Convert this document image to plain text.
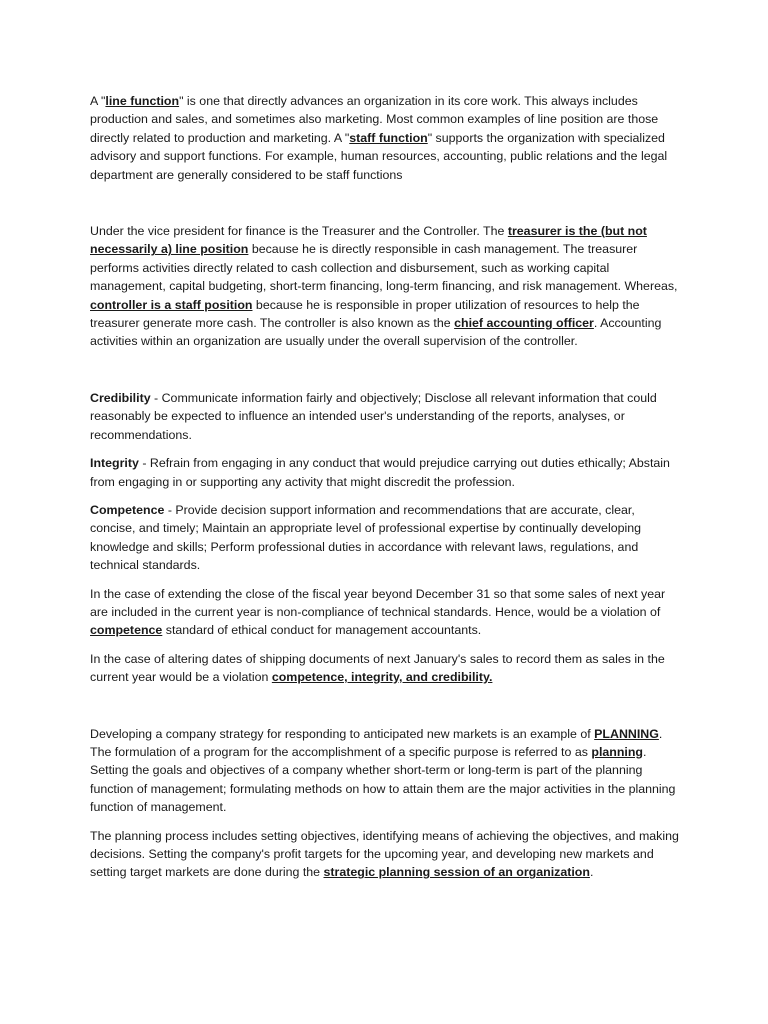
A "line function" is one that directly advances an organization in its core work. This always includes production and sales, and sometimes also marketing. Most common examples of line position are those directly related to production and marketing. A "staff function" supports the organization with specialized advisory and support functions. For example, human resources, accounting, public relations and the legal department are generally considered to be staff functions

Under the vice president for finance is the Treasurer and the Controller. The treasurer is the (but not necessarily a) line position because he is directly responsible in cash management. The treasurer performs activities directly related to cash collection and disbursement, such as working capital management, capital budgeting, short-term financing, long-term financing, and risk management. Whereas, controller is a staff position because he is responsible in proper utilization of resources to help the treasurer generate more cash. The controller is also known as the chief accounting officer. Accounting activities within an organization are usually under the overall supervision of the controller.

Credibility - Communicate information fairly and objectively; Disclose all relevant information that could reasonably be expected to influence an intended user's understanding of the reports, analyses, or recommendations.

Integrity - Refrain from engaging in any conduct that would prejudice carrying out duties ethically; Abstain from engaging in or supporting any activity that might discredit the profession.

Competence - Provide decision support information and recommendations that are accurate, clear, concise, and timely; Maintain an appropriate level of professional expertise by continually developing knowledge and skills; Perform professional duties in accordance with relevant laws, regulations, and technical standards.

In the case of extending the close of the fiscal year beyond December 31 so that some sales of next year are included in the current year is non-compliance of technical standards. Hence, would be a violation of competence standard of ethical conduct for management accountants.

In the case of altering dates of shipping documents of next January's sales to record them as sales in the current year would be a violation competence, integrity, and credibility.

Developing a company strategy for responding to anticipated new markets is an example of PLANNING. The formulation of a program for the accomplishment of a specific purpose is referred to as planning. Setting the goals and objectives of a company whether short-term or long-term is part of the planning function of management; formulating methods on how to attain them are the major activities in the planning function of management.

The planning process includes setting objectives, identifying means of achieving the objectives, and making decisions. Setting the company's profit targets for the upcoming year, and developing new markets and setting target markets are done during the strategic planning session of an organization.
